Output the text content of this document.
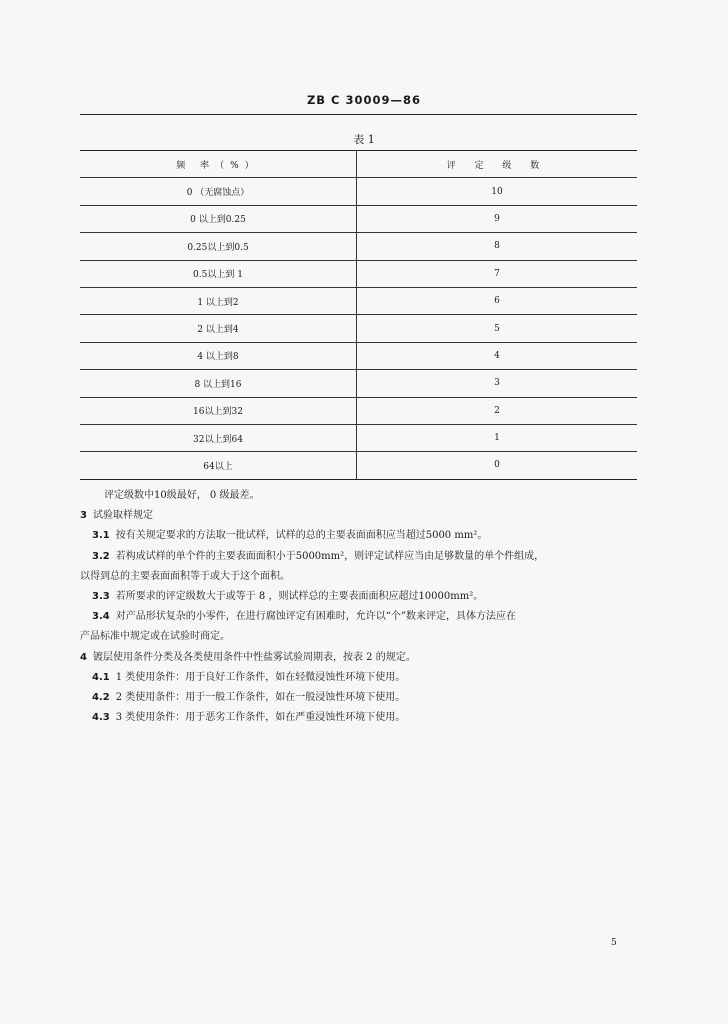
ZB C 30009—86
表 1
频 率（%）	评 定 级 数
0 （无腐蚀点）	10
0 以上到0.25	9
0.25以上到0.5	8
0.5以上到 1	7
1 以上到2	6
2 以上到4	5
4 以上到8	4
8 以上到16	3
16以上到32	2
32以上到64	1
64以上	0

评定级数中10级最好， 0 级最差。

3 试验取样规定

3.1 按有关规定要求的方法取一批试样，试样的总的主要表面面积应当超过5000 mm²。

3.2 若构成试样的单个件的主要表面面积小于5000mm²，则评定试样应当由足够数量的单个件组成，

以得到总的主要表面面积等于或大于这个面积。

3.3 若所要求的评定级数大于或等于 8 ，则试样总的主要表面面积应超过10000mm²。

3.4 对产品形状复杂的小零件，在进行腐蚀评定有困难时，允许以“个”数来评定，具体方法应在

产品标准中规定或在试验时商定。

4 镀层使用条件分类及各类使用条件中性盐雾试验周期表，按表 2 的规定。

4.1 1 类使用条件：用于良好工作条件，如在轻微浸蚀性环境下使用。

4.2 2 类使用条件：用于一般工作条件，如在一般浸蚀性环境下使用。

4.3 3 类使用条件：用于恶劣工作条件，如在严重浸蚀性环境下使用。

5
